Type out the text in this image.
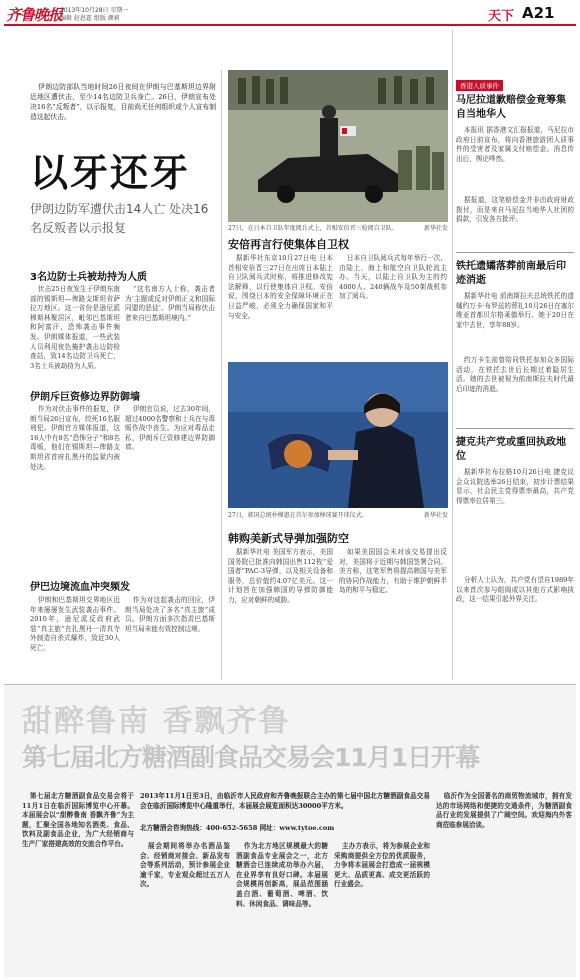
齐鲁晚报
2013年10月28日 星期一
编辑 赵恩霆 组版 颜莉	天下 A21

伊朗边防部队当地时间26日夜间在伊朗与巴基斯坦边界附近地区遭伏击，至少14名边防卫兵身亡。26日，伊朗宣布处决16名“反叛者”，以示报复，目前尚无任何组织或个人宣布制造这起伏击。

以牙还牙
伊朗边防军遭伏击14人亡 处决16名反叛者以示报复
3名边防士兵被劫持为人质

伏击25日夜发生于伊朗东南部的锡斯坦—俾路支斯坦省萨拉万地区。这一省份是逊尼派穆斯林聚居区，毗邻巴基斯坦和阿富汗，恐怖袭击事件频发。伊朗媒体报道，一些武装人员利用夜色掩护袭击边防检查站，致14名边防卫兵死亡，3名士兵被劫持为人质。

“这名南方人士称，袭击者为‘主题或反对伊朗正义和国际同盟的恶徒’。伊朗当局称伏击者来自巴基斯坦境内。”

伊朗斥巨资修边界防御墙

作为对伏击事件的报复，伊朗当局26日宣布，绞死16名服刑犯。伊朗官方媒体报道，这16人中有8名“恐怖分子”和8名毒贩，他们在锡斯坦—俾路支斯坦省首府扎黑丹的监狱内被处决。

伊朗官员说，过去30年间，超过4000名警察和士兵在与毒贩作战中丧生。为应对毒品走私，伊朗斥巨资修建边界防御墙。

伊巴边境流血冲突频发

伊朗和巴基斯坦交界地区近年来屡屡发生武装袭击事件。2010年，逊尼派反政府武装“真主旅”在扎黑丹一清真寺外制造自杀式爆炸，致近30人死亡。

作为对这起袭击的回应，伊朗当局处决了多名“真主旅”成员。伊朗方面多次指责巴基斯坦当局未能有效控制边境。

27日，在日本自卫队年度阅兵式上，首相安倍晋三检阅自卫队。	新华社发

安倍再言行使集体自卫权

据新华社东京10月27日电 日本首相安倍晋三27日在出席日本陆上自卫队阅兵式时称，将推进修改宪法解释，以行使集体自卫权。安倍说，围绕日本的安全保障环境正在日益严峻，必须全力确保国家和平与安全。

日本自卫队阅兵式每年举行一次，由陆上、海上和航空自卫队轮流主办。当天，以陆上自卫队为主的约4000人、240辆战车及50架战机参加了阅兵。

27日，韩国总统朴槿惠在首尔参加棒球赛开球仪式。	新华社发

韩购美新式导弹加强防空

据新华社电 美国军方表示，美国国务院已批准向韩国出售112枚“爱国者”PAC-3导弹，以及相关设备和服务，总价值约4.07亿美元。这一计划旨在加强韩国的导弹防御能力，应对朝鲜的威胁。

如果美国国会未对该交易提出反对，美国将于近期与韩国签署合同。美方称，这笔军售将提高韩国与美军的协同作战能力，有助于维护朝鲜半岛的和平与稳定。

香港人质事件
马尼拉道歉赔偿金竟筹集自当地华人

本报讯 据香港文汇报报道，马尼拉市政府日前宣布，将向香港旅游团人质事件的受害者及家属支付赔偿金。消息传出后，舆论哗然。

据报道，这笔赔偿金并非由政府财政拨付，而是来自马尼拉当地华人社团的捐款，引发各方批评。

铁托遗孀落葬前南最后印迹消逝

据新华社电 前南斯拉夫总统铁托的遗孀约万卡·布罗兹的葬礼10月26日在塞尔维亚首都贝尔格莱德举行。她于20日在家中去世，享年88岁。

约万卡生前曾陪同铁托参加众多国际活动，在铁托去世后长期过着隐居生活。她的去世被视为前南斯拉夫时代最后印迹的消逝。

捷克共产党或重回执政地位

据新华社布拉格10月26日电 捷克议会众议院选举26日结束，初步计票结果显示，社会民主党得票率最高，共产党得票率位居第三。

分析人士认为，共产党有望自1989年以来首次参与组阁或以其他方式影响执政，这一结果引起外界关注。

甜醉鲁南 香飘齐鲁
第七届北方糖酒副食品交易会11月1日开幕

2013年11月1日至3日，由临沂市人民政府和齐鲁晚报联合主办的第七届中国北方糖酒副食品交易会在临沂国际博览中心隆重举行，本届展会展览面积达30000平方米。

北方糖酒会咨询热线：400-652-5658 网址：www.tytoe.com

第七届北方糖酒副食品交易会将于11月1日在临沂国际博览中心开幕。本届展会以“甜醉鲁南 香飘齐鲁”为主题，汇聚全国各地知名酒类、食品、饮料及副食品企业，为广大经销商与生产厂家搭建高效的交流合作平台。	展会期间将举办名酒品鉴会、经销商对接会、新品发布会等系列活动，预计参展企业逾千家，专业观众超过五万人次。

作为北方地区规模最大的糖酒副食品专业展会之一，北方糖酒会已连续成功举办六届，在业界享有良好口碑。本届展会规模再创新高，展品范围涵盖白酒、葡萄酒、啤酒、饮料、休闲食品、调味品等。

主办方表示，将为参展企业和采购商提供全方位的优质服务，力争将本届展会打造成一届规模更大、品质更高、成交更活跃的行业盛会。

临沂作为全国著名的商贸物流城市，拥有发达的市场网络和便捷的交通条件，为糖酒副食品行业的发展提供了广阔空间。欢迎海内外客商莅临参展洽谈。
